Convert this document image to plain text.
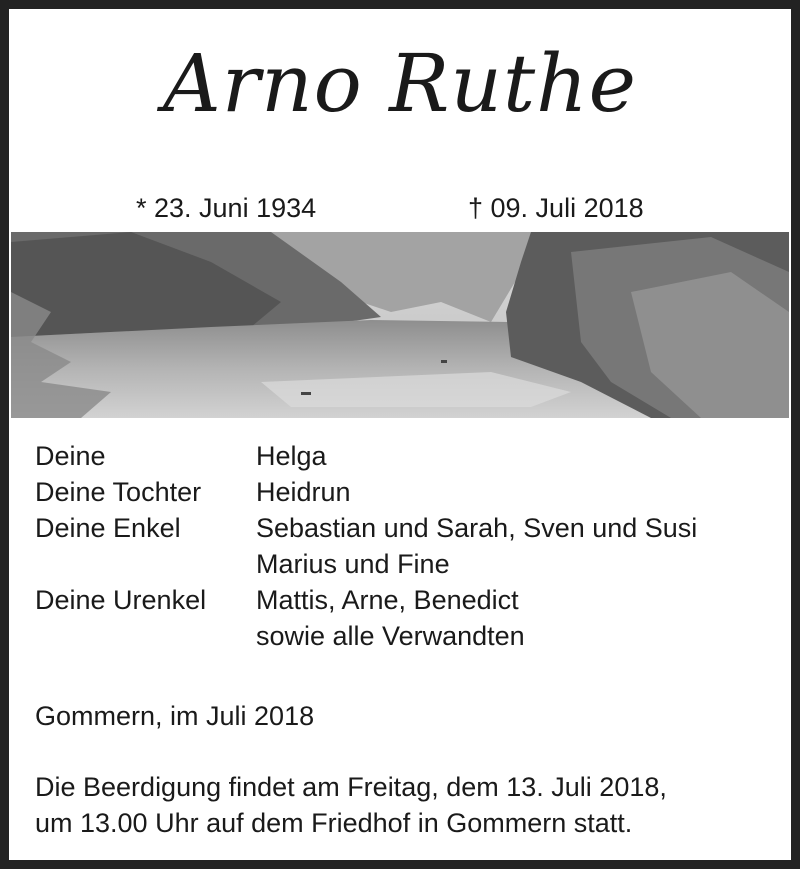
Arno Ruthe
* 23. Juni 1934	† 09. Juli 2018
Deine	Helga
Deine Tochter	Heidrun
Deine Enkel	Sebastian und Sarah, Sven und Susi
Marius und Fine
Deine Urenkel	Mattis, Arne, Benedict
sowie alle Verwandten
Gommern, im Juli 2018
Die Beerdigung findet am Freitag, dem 13. Juli 2018,
um 13.00 Uhr auf dem Friedhof in Gommern statt.
